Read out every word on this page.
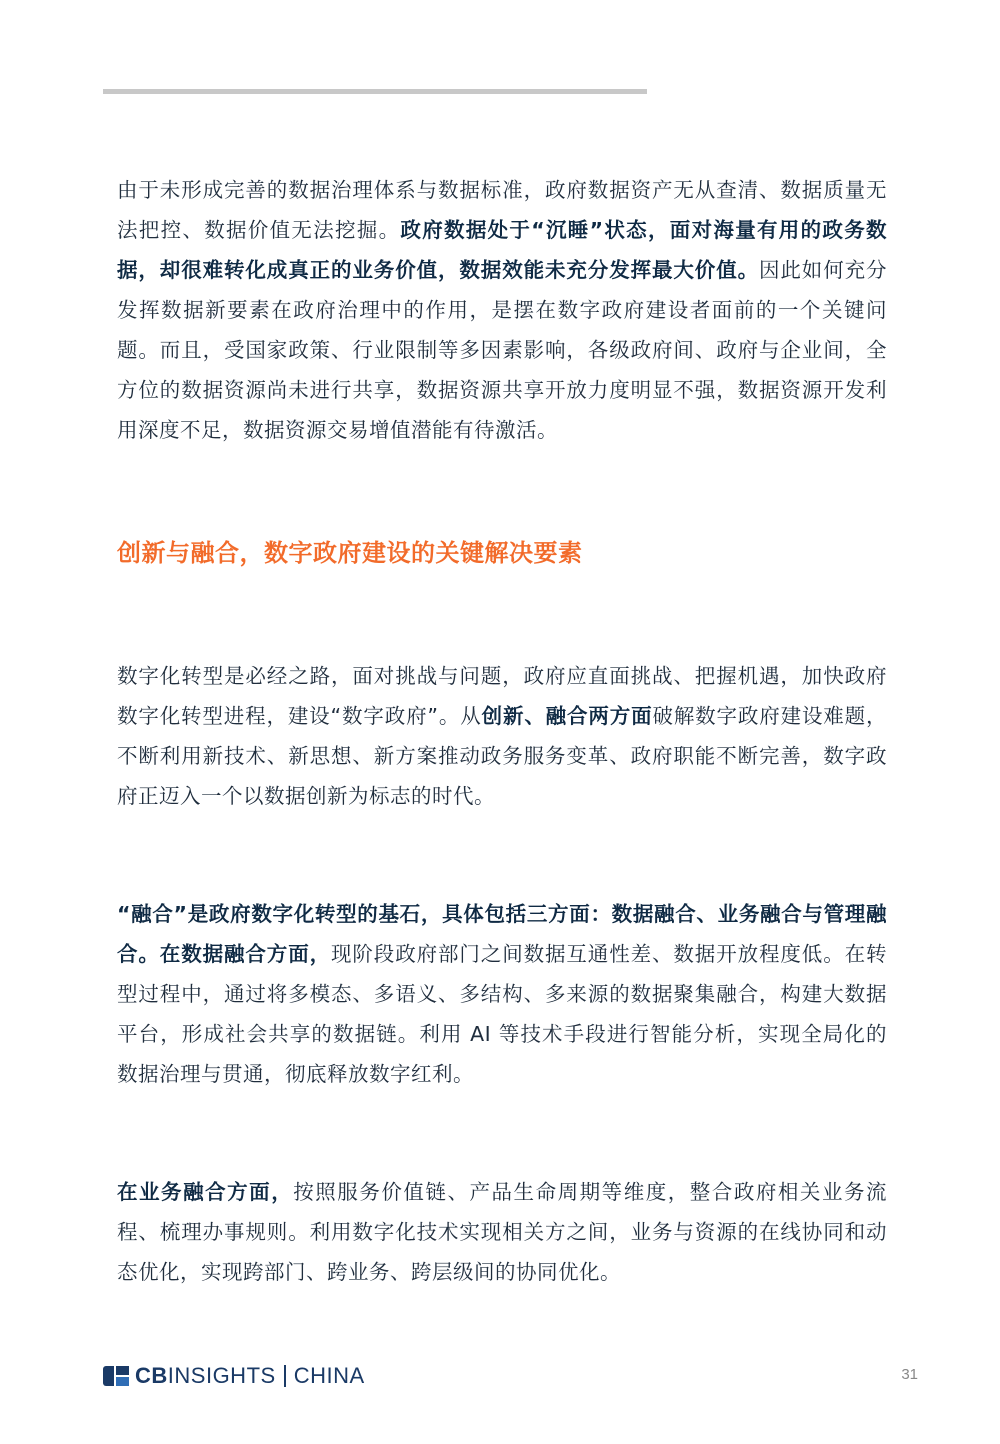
由于未形成完善的数据治理体系与数据标准，政府数据资产无从查清、数据质量无法把控、数据价值无法挖掘。政府数据处于“沉睡”状态，面对海量有用的政务数据，却很难转化成真正的业务价值，数据效能未充分发挥最大价值。因此如何充分发挥数据新要素在政府治理中的作用，是摆在数字政府建设者面前的一个关键问题。而且，受国家政策、行业限制等多因素影响，各级政府间、政府与企业间，全方位的数据资源尚未进行共享，数据资源共享开放力度明显不强，数据资源开发利用深度不足，数据资源交易增值潜能有待激活。

创新与融合，数字政府建设的关键解决要素

数字化转型是必经之路，面对挑战与问题，政府应直面挑战、把握机遇，加快政府数字化转型进程，建设“数字政府”。从创新、融合两方面破解数字政府建设难题，不断利用新技术、新思想、新方案推动政务服务变革、政府职能不断完善，数字政府正迈入一个以数据创新为标志的时代。

“融合”是政府数字化转型的基石，具体包括三方面：数据融合、业务融合与管理融合。在数据融合方面，现阶段政府部门之间数据互通性差、数据开放程度低。在转型过程中，通过将多模态、多语义、多结构、多来源的数据聚集融合，构建大数据平台，形成社会共享的数据链。利用 AI 等技术手段进行智能分析，实现全局化的数据治理与贯通，彻底释放数字红利。

在业务融合方面，按照服务价值链、产品生命周期等维度，整合政府相关业务流程、梳理办事规则。利用数字化技术实现相关方之间，业务与资源的在线协同和动态优化，实现跨部门、跨业务、跨层级间的协同优化。

CB INSIGHTS CHINA	31
